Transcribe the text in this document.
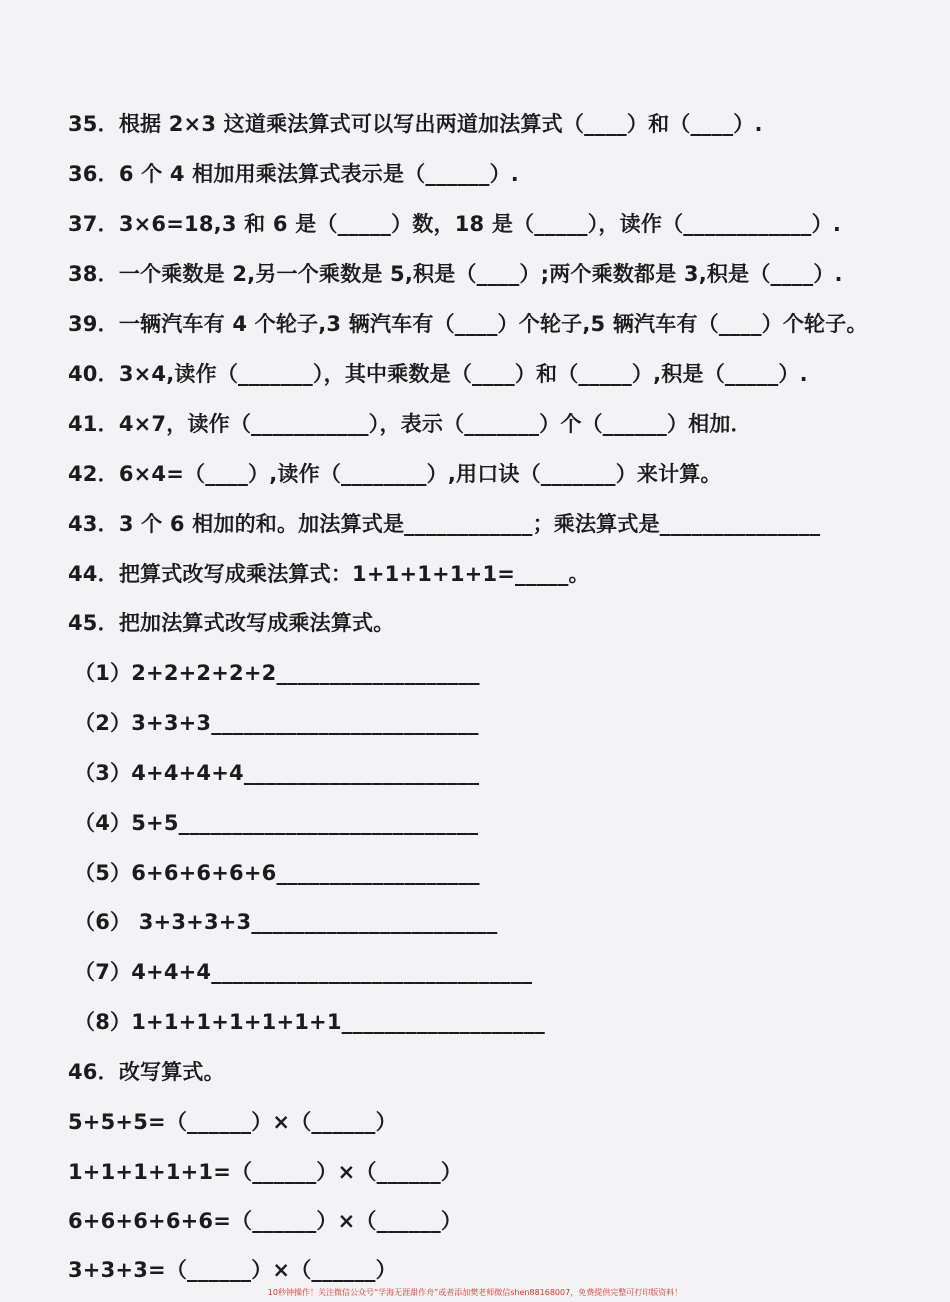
35．根据 2×3 这道乘法算式可以写出两道加法算式（____）和（____）.
36．6 个 4 相加用乘法算式表示是（______）.
37．3×6=18,3 和 6 是（_____）数，18 是（_____），读作（____________）.
38．一个乘数是 2,另一个乘数是 5,积是（____）;两个乘数都是 3,积是（____）.
39．一辆汽车有 4 个轮子,3 辆汽车有（____）个轮子,5 辆汽车有（____）个轮子。
40．3×4,读作（_______），其中乘数是（____）和（_____）,积是（_____）.
41．4×7，读作（___________），表示（_______）个（______）相加．
42．6×4=（____）,读作（________）,用口诀（_______）来计算。
43．3 个 6 相加的和。加法算式是____________；乘法算式是_______________
44．把算式改写成乘法算式：1+1+1+1+1=_____。
45．把加法算式改写成乘法算式。
（1）2+2+2+2+2___________________
（2）3+3+3_________________________
（3）4+4+4+4______________________
（4）5+5____________________________
（5）6+6+6+6+6___________________
（6） 3+3+3+3_______________________
（7）4+4+4______________________________
（8）1+1+1+1+1+1+1___________________
46．改写算式。
5+5+5=（______）×（______）
1+1+1+1+1=（______）×（______）
6+6+6+6+6=（______）×（______）
3+3+3=（______）×（______）
10秒钟操作！关注微信公众号“学海无涯甜作舟”或者添加樊老师微信shen88168007，免费提供完整可打印版资料！
